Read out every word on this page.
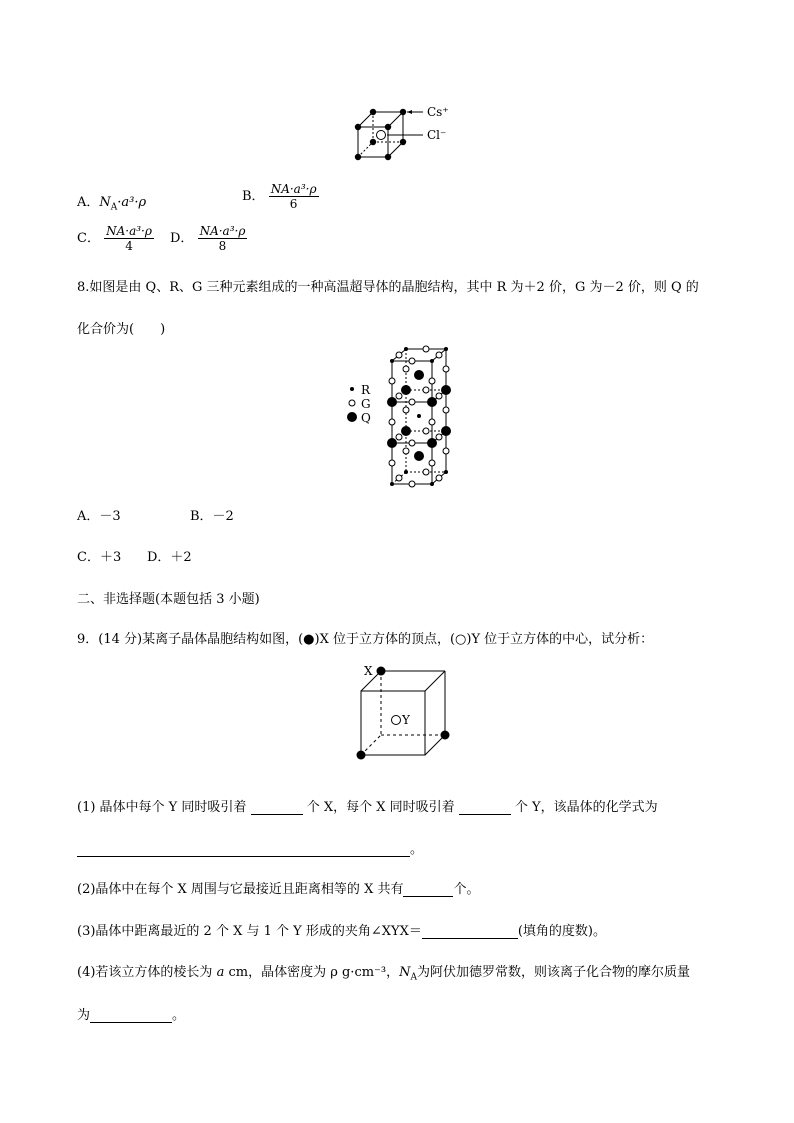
Cs⁺
Cl⁻
A．$N_A\cdot a^3\cdot\rho$	B． $\frac{\text{NA·a³·ρ}}{6}$
C． $\frac{\text{NA·a³·ρ}}{4}$ D． $\frac{\text{NA·a³·ρ}}{8}$
8.如图是由 Q、R、G 三种元素组成的一种高温超导体的晶胞结构，其中 R 为＋2 价，G 为－2 价，则 Q 的
化合价为(　　)
R
G
Q
A．－3	B．－2
C．＋3 D．＋2
二、非选择题(本题包括 3 小题)
9．(14 分)某离子晶体晶胞结构如图，(●)X 位于立方体的顶点，(○)Y 位于立方体的中心，试分析：
X
Y
(1) 晶体中每个 Y 同时吸引着	个 X，每个 X 同时吸引着	个 Y，该晶体的化学式为
。
(2)晶体中在每个 X 周围与它最接近且距离相等的 X 共有	个。
(3)晶体中距离最近的 2 个 X 与 1 个 Y 形成的夹角∠XYX＝	(填角的度数)。
(4)若该立方体的棱长为 a cm，晶体密度为 ρ g·cm⁻³，$N_A$为阿伏加德罗常数，则该离子化合物的摩尔质量
为	。
